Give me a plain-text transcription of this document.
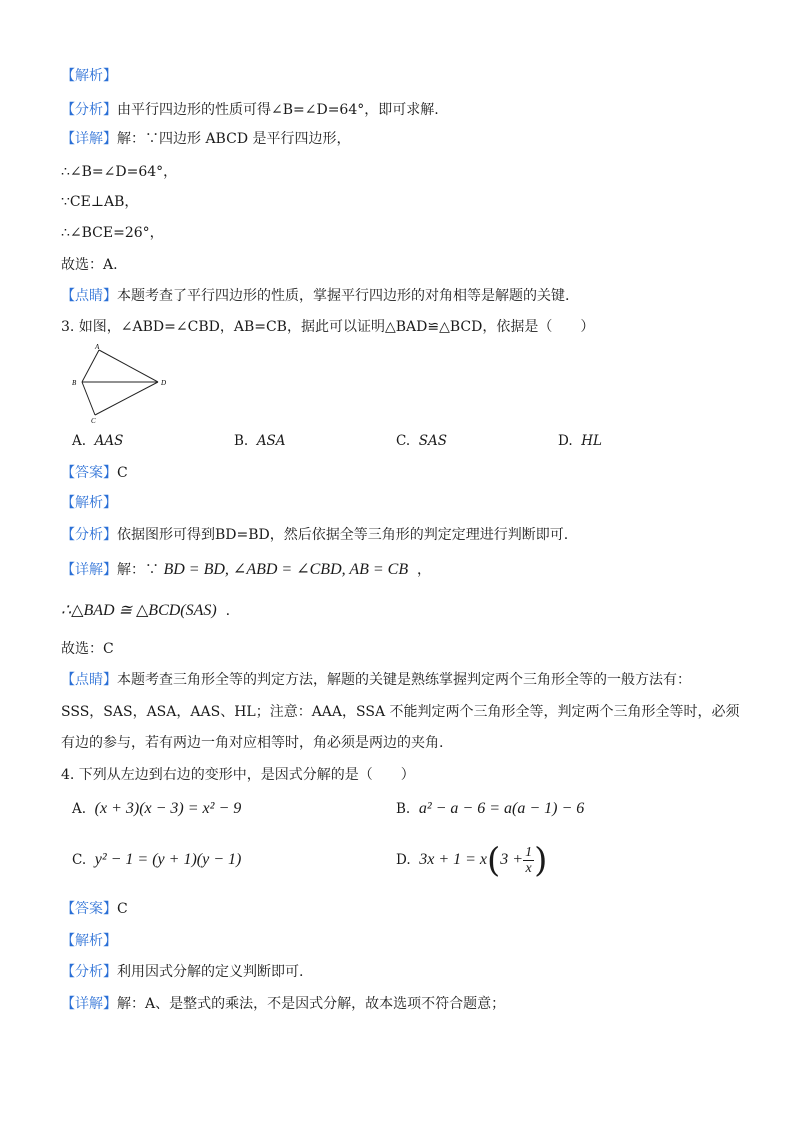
【解析】
【分析】由平行四边形的性质可得∠B=∠D=64°，即可求解.
【详解】解：∵四边形 ABCD 是平行四边形，
∴∠B=∠D=64°，
∵CE⊥AB，
∴∠BCE=26°，
故选：A.
【点睛】本题考查了平行四边形的性质，掌握平行四边形的对角相等是解题的关键.
3. 如图，∠ABD=∠CBD，AB=CB，据此可以证明△BAD≌△BCD，依据是（　　）
A
B
C
D
A. AAS	B. ASA	C. SAS	D. HL
【答案】C
【解析】
【分析】依据图形可得到BD=BD，然后依据全等三角形的判定定理进行判断即可.
【详解】解：∵ BD = BD, ∠ABD = ∠CBD, AB = CB ，
∴△BAD ≅ △BCD(SAS) .
故选：C
【点睛】本题考查三角形全等的判定方法，解题的关键是熟练掌握判定两个三角形全等的一般方法有：
SSS，SAS，ASA，AAS、HL；注意：AAA，SSA 不能判定两个三角形全等，判定两个三角形全等时，必须
有边的参与，若有两边一角对应相等时，角必须是两边的夹角.
4. 下列从左边到右边的变形中，是因式分解的是（　　）
A. (x + 3)(x − 3) = x² − 9	B. a² − a − 6 = a(a − 1) − 6
C. y² − 1 = (y + 1)(y − 1)	D. $3x + 1 = x(3 + \frac{1}{x}$ )
【答案】C
【解析】
【分析】利用因式分解的定义判断即可.
【详解】解：A、是整式的乘法，不是因式分解，故本选项不符合题意；
